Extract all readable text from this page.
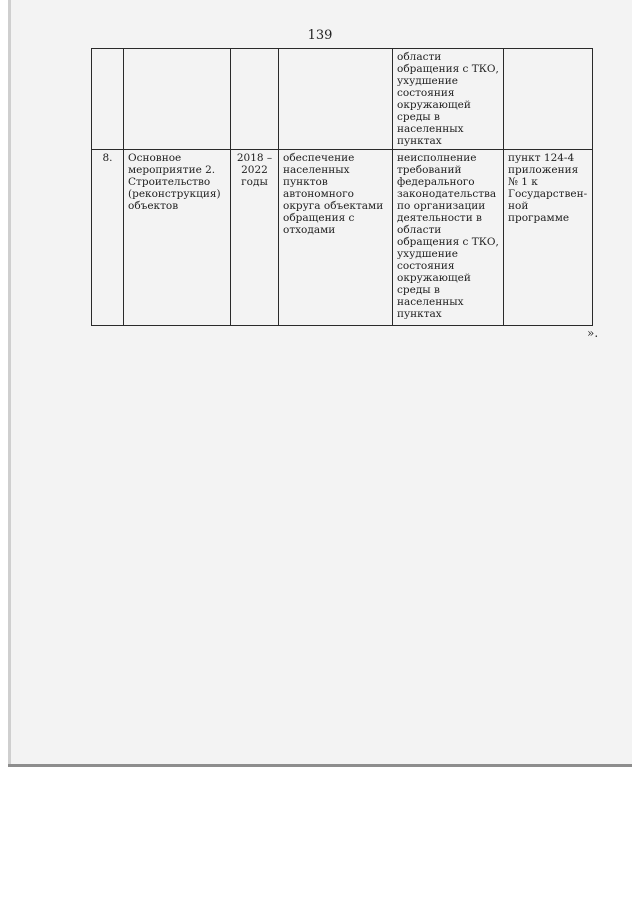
139
				области обращения с ТКО, ухудшение состояния окружающей среды в населенных пунктах	
8.	Основное мероприятие 2. Строительство (реконструкция) объектов	2018 – 2022 годы	обеспечение населенных пунктов автономного округа объектами обращения с отходами	неисполнение требований федерального законодательства по организации деятельности в области обращения с ТКО, ухудшение состояния окружающей среды в населенных пунктах	пункт 124-4 приложения № 1 к Государствен-ной программе
».
